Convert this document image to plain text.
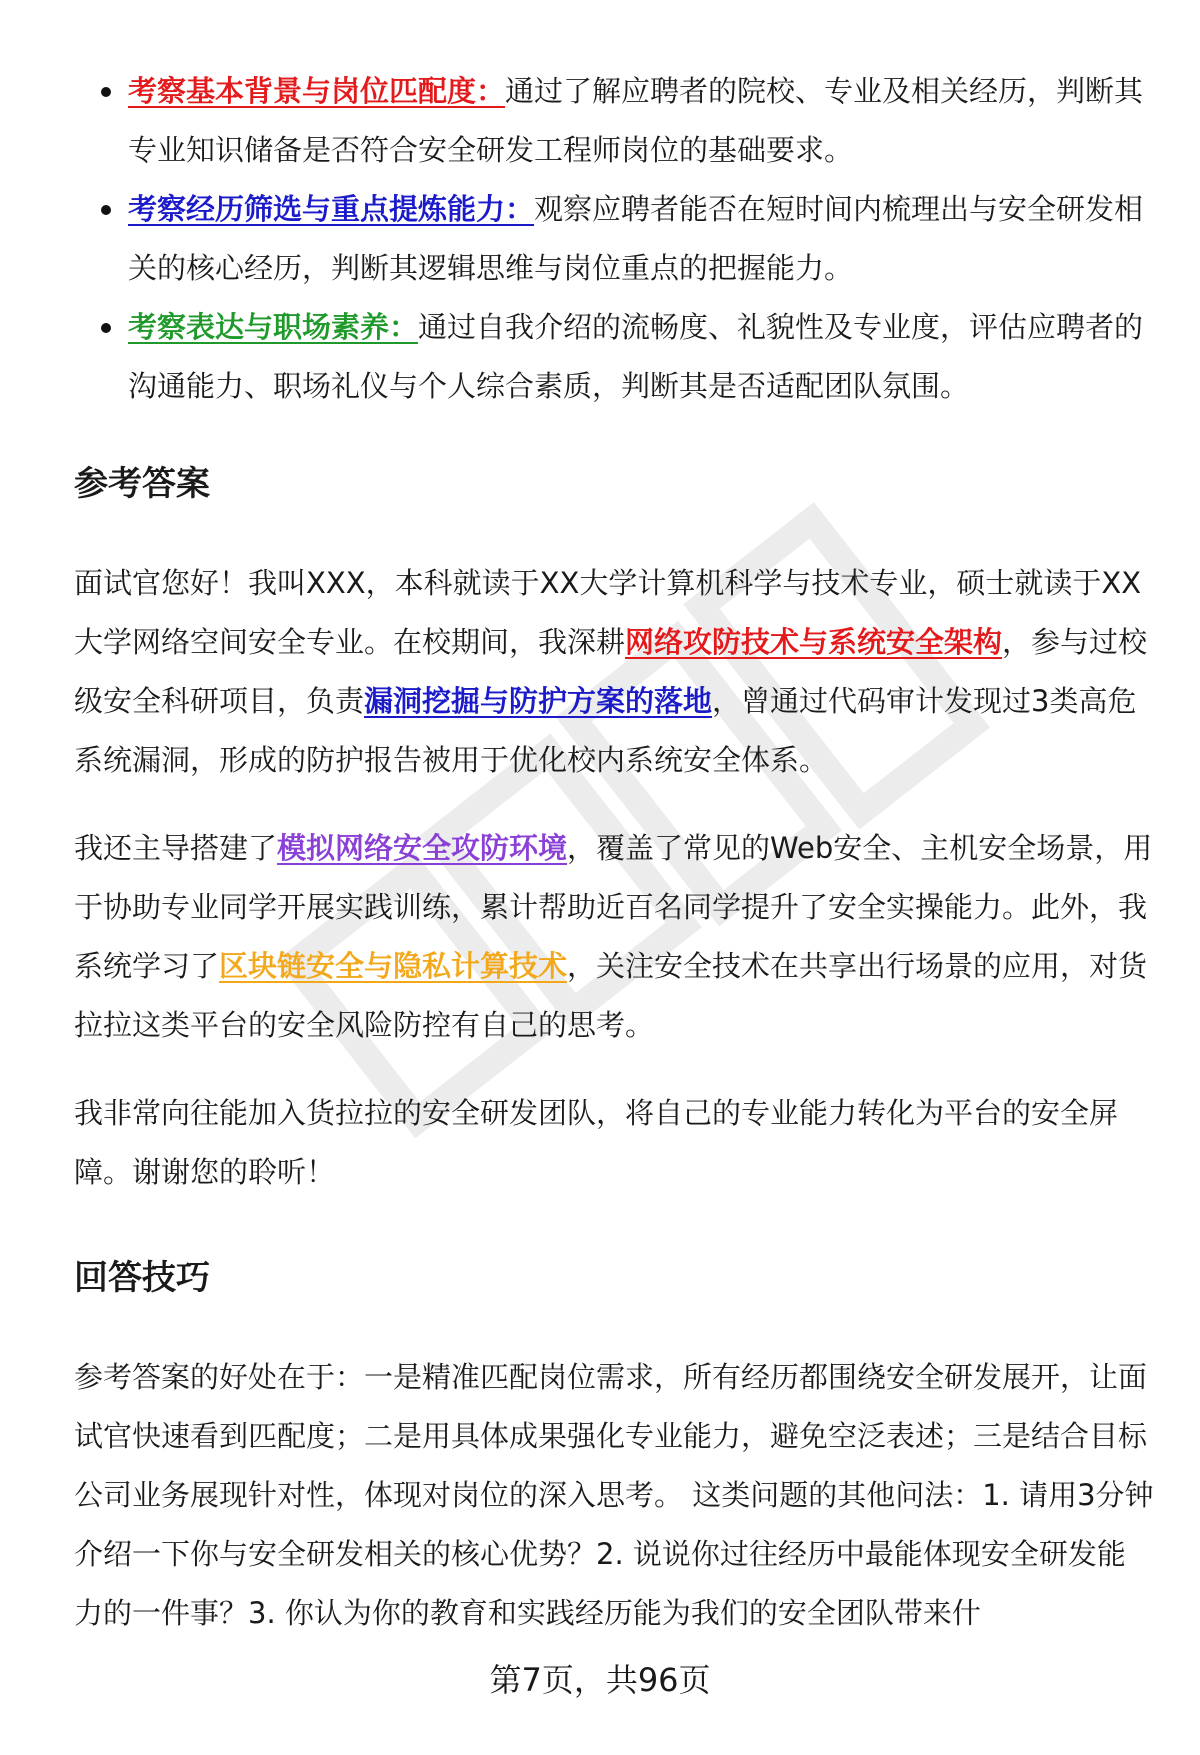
职场资料
考察基本背景与岗位匹配度：通过了解应聘者的院校、专业及相关经历，判断其专业知识储备是否符合安全研发工程师岗位的基础要求。
考察经历筛选与重点提炼能力：观察应聘者能否在短时间内梳理出与安全研发相关的核心经历，判断其逻辑思维与岗位重点的把握能力。
考察表达与职场素养：通过自我介绍的流畅度、礼貌性及专业度，评估应聘者的沟通能力、职场礼仪与个人综合素质，判断其是否适配团队氛围。
参考答案

面试官您好！我叫XXX，本科就读于XX大学计算机科学与技术专业，硕士就读于XX大学网络空间安全专业。在校期间，我深耕网络攻防技术与系统安全架构，参与过校级安全科研项目，负责漏洞挖掘与防护方案的落地，曾通过代码审计发现过3类高危系统漏洞，形成的防护报告被用于优化校内系统安全体系。

我还主导搭建了模拟网络安全攻防环境，覆盖了常见的Web安全、主机安全场景，用于协助专业同学开展实践训练，累计帮助近百名同学提升了安全实操能力。此外，我系统学习了区块链安全与隐私计算技术，关注安全技术在共享出行场景的应用，对货拉拉这类平台的安全风险防控有自己的思考。

我非常向往能加入货拉拉的安全研发团队，将自己的专业能力转化为平台的安全屏障。谢谢您的聆听！

回答技巧

参考答案的好处在于：一是精准匹配岗位需求，所有经历都围绕安全研发展开，让面试官快速看到匹配度；二是用具体成果强化专业能力，避免空泛表述；三是结合目标公司业务展现针对性，体现对岗位的深入思考。 这类问题的其他问法：1. 请用3分钟介绍一下你与安全研发相关的核心优势？2. 说说你过往经历中最能体现安全研发能力的一件事？3. 你认为你的教育和实践经历能为我们的安全团队带来什

第7页，共96页
